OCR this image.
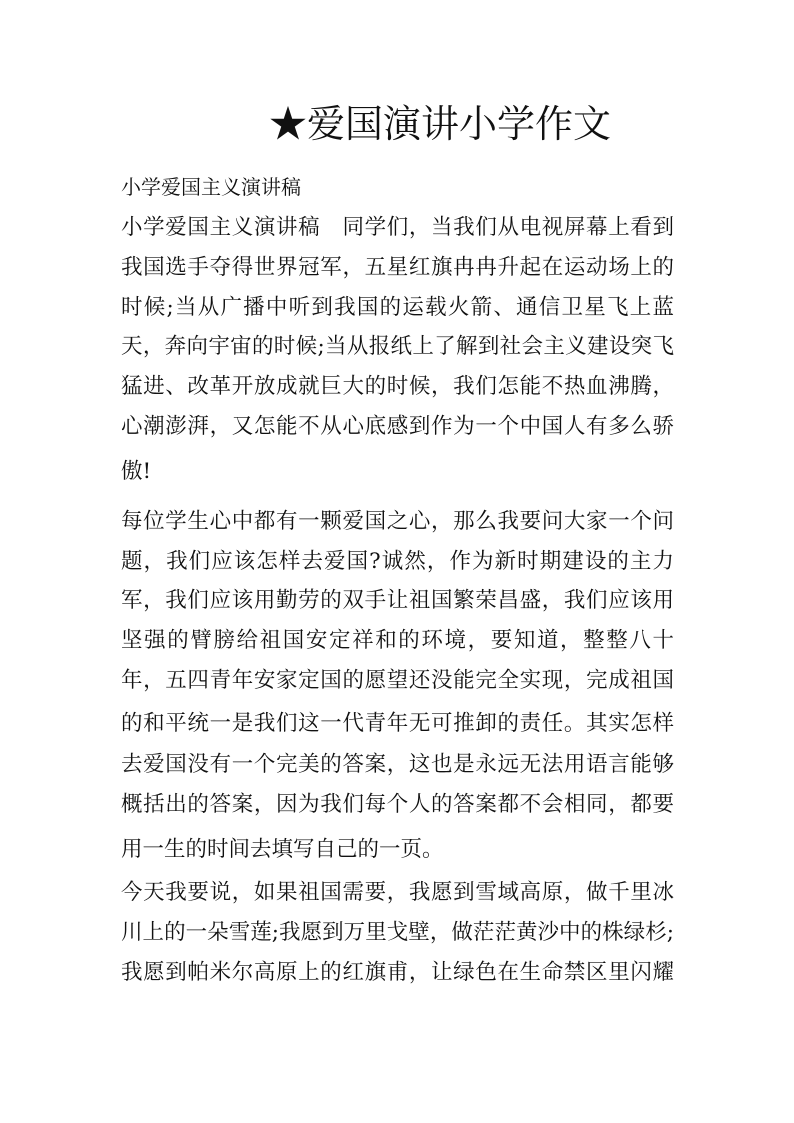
★爱国演讲小学作文
小学爱国主义演讲稿
小学爱国主义演讲稿　同学们，当我们从电视屏幕上看到
我国选手夺得世界冠军，五星红旗冉冉升起在运动场上的
时候;当从广播中听到我国的运载火箭、通信卫星飞上蓝
天，奔向宇宙的时候;当从报纸上了解到社会主义建设突飞
猛进、改革开放成就巨大的时候，我们怎能不热血沸腾，
心潮澎湃，又怎能不从心底感到作为一个中国人有多么骄
傲!
每位学生心中都有一颗爱国之心，那么我要问大家一个问
题，我们应该怎样去爱国?诚然，作为新时期建设的主力
军，我们应该用勤劳的双手让祖国繁荣昌盛，我们应该用
坚强的臂膀给祖国安定祥和的环境，要知道，整整八十
年，五四青年安家定国的愿望还没能完全实现，完成祖国
的和平统一是我们这一代青年无可推卸的责任。其实怎样
去爱国没有一个完美的答案，这也是永远无法用语言能够
概括出的答案，因为我们每个人的答案都不会相同，都要
用一生的时间去填写自己的一页。
今天我要说，如果祖国需要，我愿到雪域高原，做千里冰
川上的一朵雪莲;我愿到万里戈壁，做茫茫黄沙中的株绿杉;
我愿到帕米尔高原上的红旗甫，让绿色在生命禁区里闪耀
